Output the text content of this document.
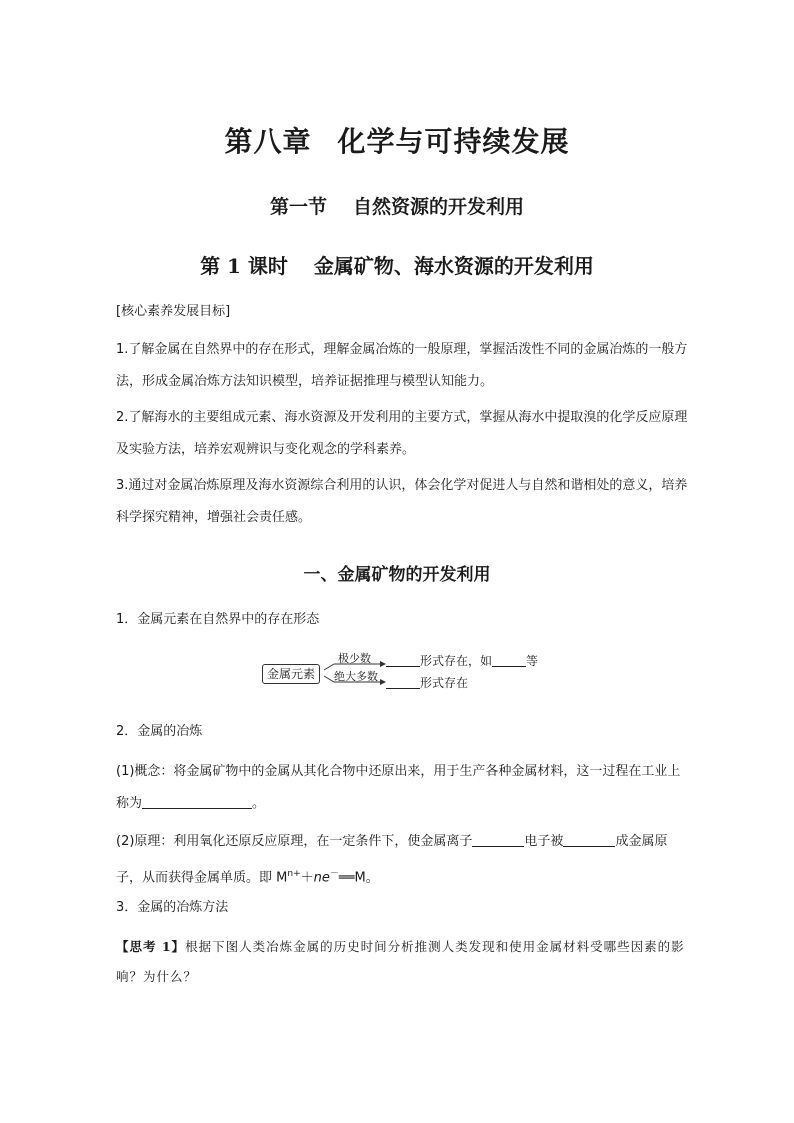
第八章 化学与可持续发展
第一节 自然资源的开发利用
第 1 课时 金属矿物、海水资源的开发利用
[核心素养发展目标]
1.了解金属在自然界中的存在形式，理解金属冶炼的一般原理，掌握活泼性不同的金属冶炼的一般方法，形成金属冶炼方法知识模型，培养证据推理与模型认知能力。
2.了解海水的主要组成元素、海水资源及开发利用的主要方式，掌握从海水中提取溴的化学反应原理及实验方法，培养宏观辨识与变化观念的学科素养。
3.通过对金属冶炼原理及海水资源综合利用的认识，体会化学对促进人与自然和谐相处的意义，培养科学探究精神，增强社会责任感。
一、金属矿物的开发利用
1．金属元素在自然界中的存在形态
金属元素
极少数
绝大多数
形式存在，如	等
形式存在
2．金属的冶炼
(1)概念：将金属矿物中的金属从其化合物中还原出来，用于生产各种金属材料，这一过程在工业上称为	。
(2)原理：利用氧化还原反应原理，在一定条件下，使金属离子	电子被	成金属原子，从而获得金属单质。即 $M^{n+}+ne^-══M$。
3．金属的冶炼方法
【思考 1】根据下图人类冶炼金属的历史时间分析推测人类发现和使用金属材料受哪些因素的影响？为什么？
